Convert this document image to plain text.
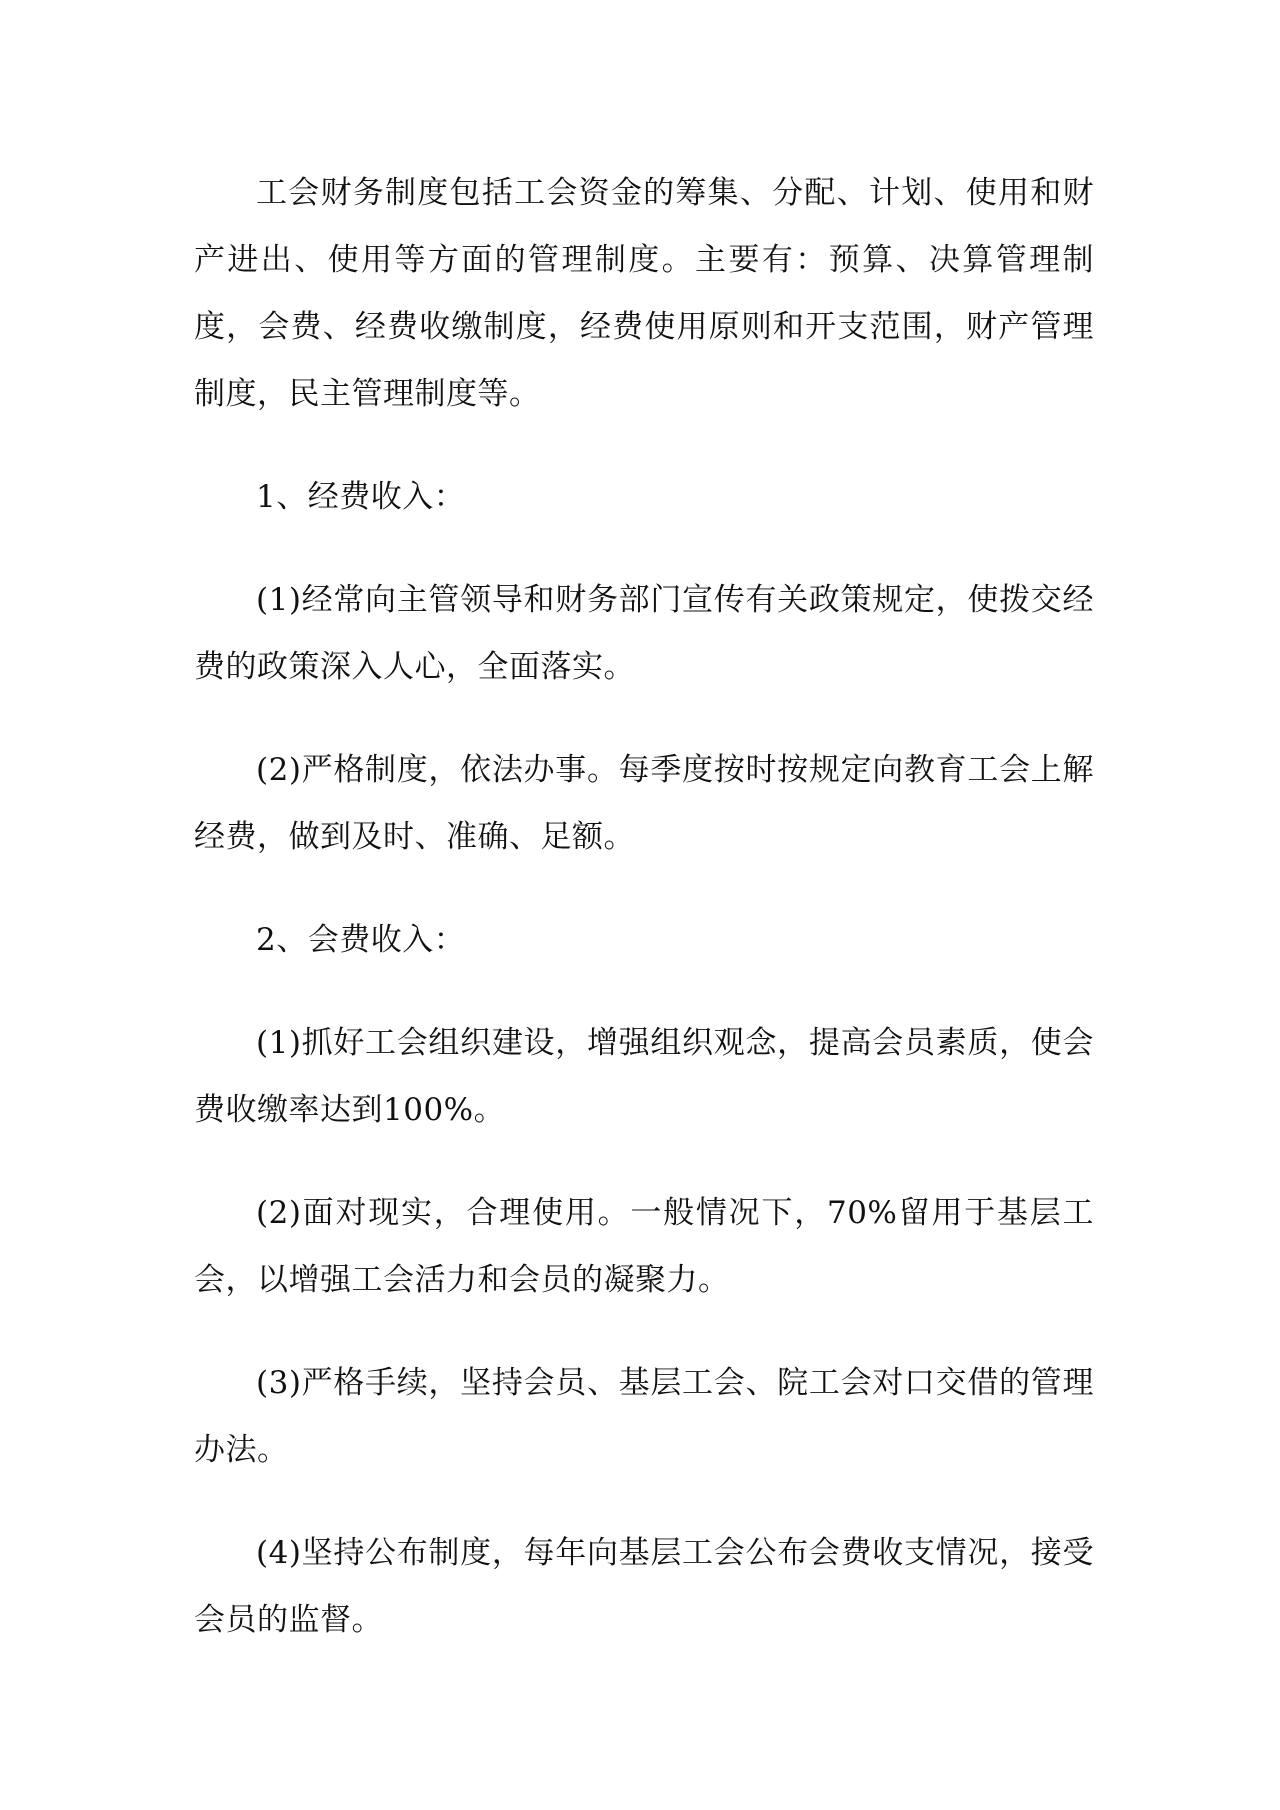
工会财务制度包括工会资金的筹集、分配、计划、使用和财产进出、使用等方面的管理制度。主要有：预算、决算管理制度，会费、经费收缴制度，经费使用原则和开支范围，财产管理制度，民主管理制度等。

1、经费收入：

(1)经常向主管领导和财务部门宣传有关政策规定，使拨交经费的政策深入人心，全面落实。

(2)严格制度，依法办事。每季度按时按规定向教育工会上解经费，做到及时、准确、足额。

2、会费收入：

(1)抓好工会组织建设，增强组织观念，提高会员素质，使会费收缴率达到100%。

(2)面对现实，合理使用。一般情况下，70%留用于基层工会，以增强工会活力和会员的凝聚力。

(3)严格手续，坚持会员、基层工会、院工会对口交借的管理办法。

(4)坚持公布制度，每年向基层工会公布会费收支情况，接受会员的监督。
